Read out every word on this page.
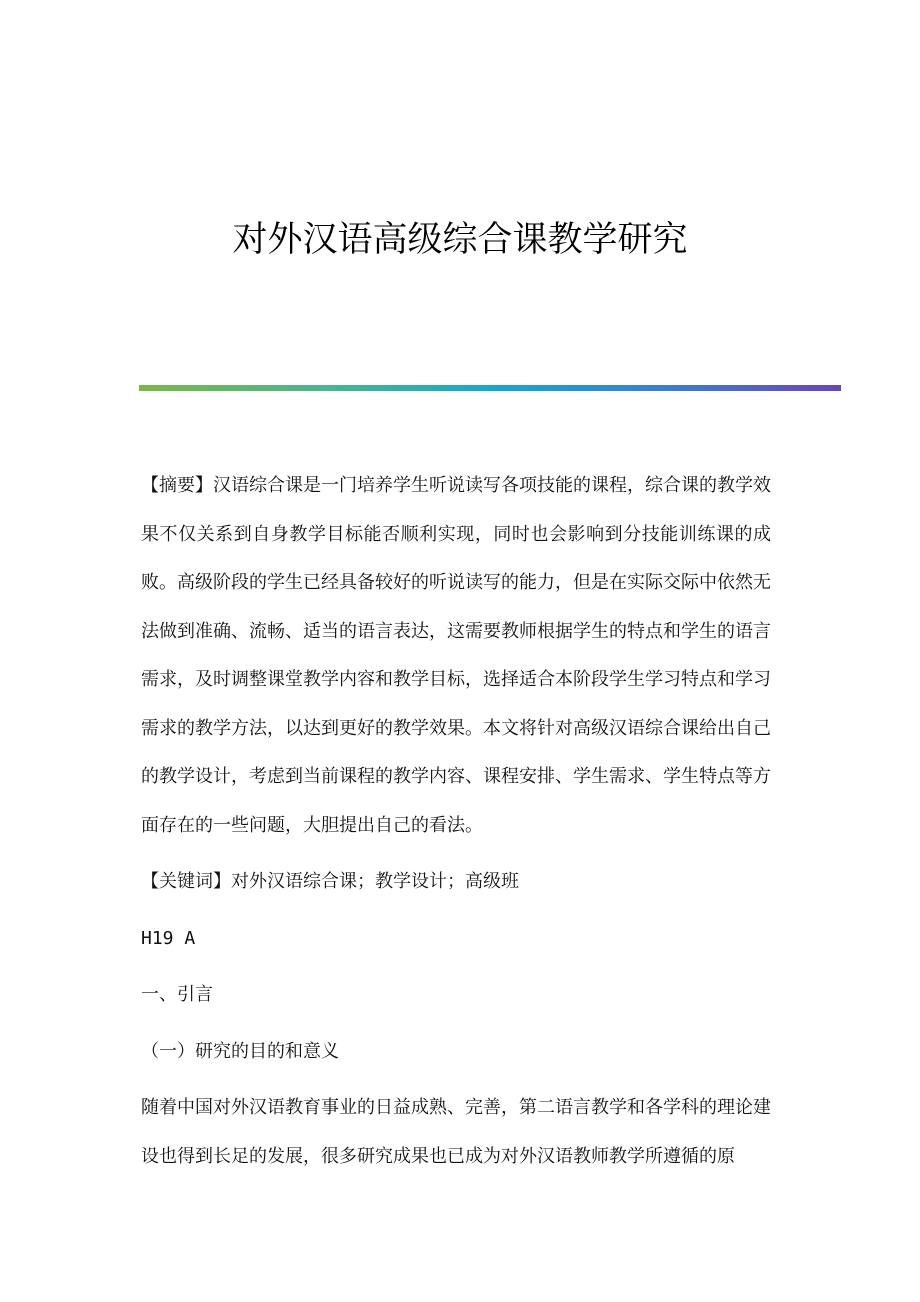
对外汉语高级综合课教学研究

【摘要】汉语综合课是一门培养学生听说读写各项技能的课程，综合课的教学效果不仅关系到自身教学目标能否顺利实现，同时也会影响到分技能训练课的成败。高级阶段的学生已经具备较好的听说读写的能力，但是在实际交际中依然无法做到准确、流畅、适当的语言表达，这需要教师根据学生的特点和学生的语言需求，及时调整课堂教学内容和教学目标，选择适合本阶段学生学习特点和学习需求的教学方法，以达到更好的教学效果。本文将针对高级汉语综合课给出自己的教学设计，考虑到当前课程的教学内容、课程安排、学生需求、学生特点等方面存在的一些问题，大胆提出自己的看法。

【关键词】对外汉语综合课；教学设计；高级班

H19 A

一、引言

（一）研究的目的和意义

随着中国对外汉语教育事业的日益成熟、完善，第二语言教学和各学科的理论建设也得到长足的发展，很多研究成果也已成为对外汉语教师教学所遵循的原
